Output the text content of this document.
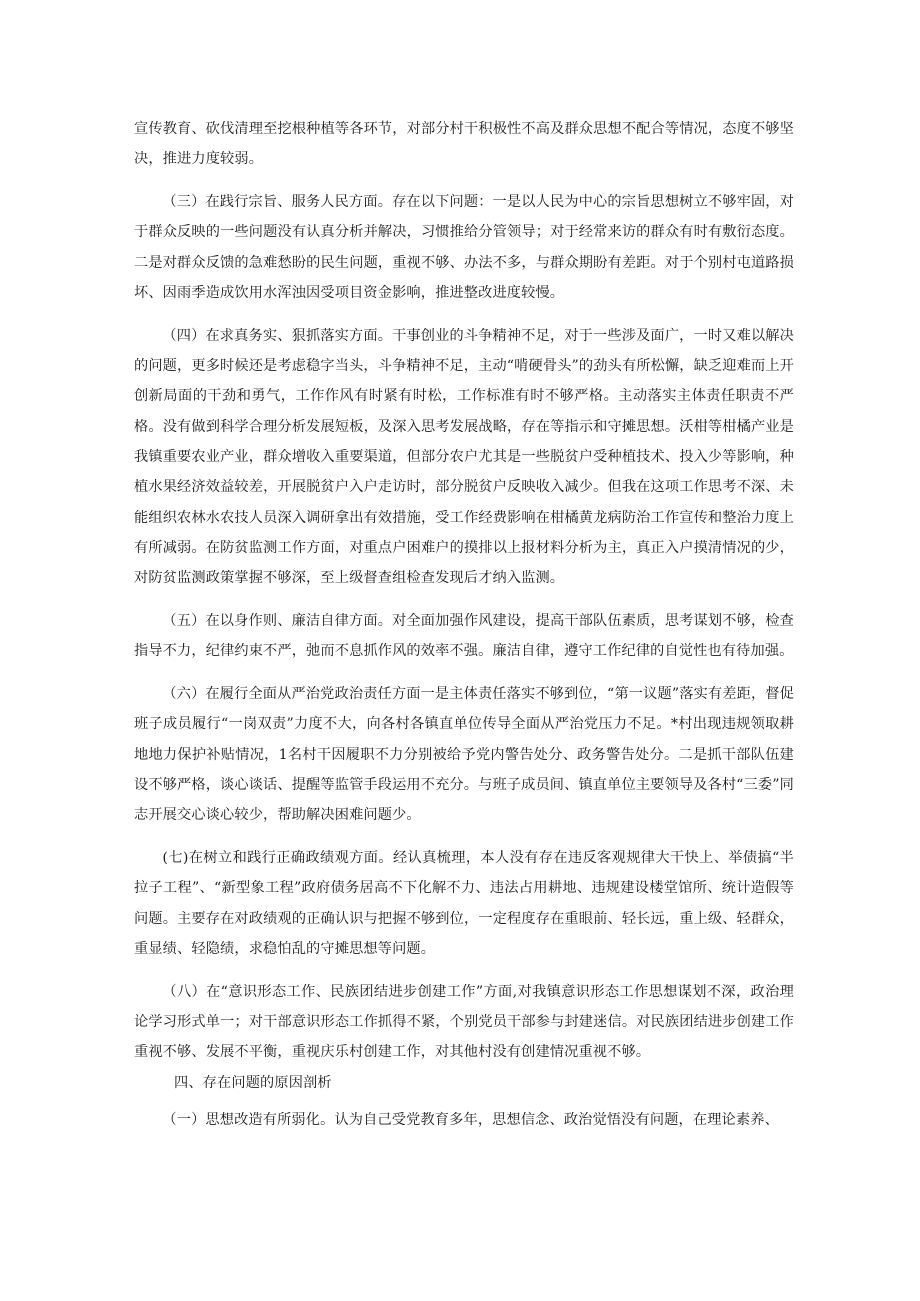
宣传教育、砍伐清理至挖根种植等各环节，对部分村干积极性不高及群众思想不配合等情况，态度不够坚决，推进力度较弱。

（三）在践行宗旨、服务人民方面。存在以下问题：一是以人民为中心的宗旨思想树立不够牢固，对于群众反映的一些问题没有认真分析并解决，习惯推给分管领导；对于经常来访的群众有时有敷衍态度。二是对群众反馈的急难愁盼的民生问题，重视不够、办法不多，与群众期盼有差距。对于个别村屯道路损坏、因雨季造成饮用水浑浊因受项目资金影响，推进整改进度较慢。

（四）在求真务实、狠抓落实方面。干事创业的斗争精神不足，对于一些涉及面广，一时又难以解决的问题，更多时候还是考虑稳字当头，斗争精神不足，主动“啃硬骨头”的劲头有所松懈，缺乏迎难而上开创新局面的干劲和勇气，工作作风有时紧有时松，工作标准有时不够严格。主动落实主体责任职责不严格。没有做到科学合理分析发展短板，及深入思考发展战略，存在等指示和守摊思想。沃柑等柑橘产业是我镇重要农业产业，群众增收入重要渠道，但部分农户尤其是一些脱贫户受种植技术、投入少等影响，种植水果经济效益较差，开展脱贫户入户走访时，部分脱贫户反映收入减少。但我在这项工作思考不深、未能组织农林水农技人员深入调研拿出有效措施，受工作经费影响在柑橘黄龙病防治工作宣传和整治力度上有所减弱。在防贫监测工作方面，对重点户困难户的摸排以上报材料分析为主，真正入户摸清情况的少，对防贫监测政策掌握不够深，至上级督查组检查发现后才纳入监测。

（五）在以身作则、廉洁自律方面。对全面加强作风建设，提高干部队伍素质，思考谋划不够，检查指导不力，纪律约束不严，弛而不息抓作风的效率不强。廉洁自律，遵守工作纪律的自觉性也有待加强。

（六）在履行全面从严治党政治责任方面一是主体责任落实不够到位，“第一议题”落实有差距，督促班子成员履行“一岗双责”力度不大，向各村各镇直单位传导全面从严治党压力不足。*村出现违规领取耕地地力保护补贴情况，1名村干因履职不力分别被给予党内警告处分、政务警告处分。二是抓干部队伍建设不够严格，谈心谈话、提醒等监管手段运用不充分。与班子成员间、镇直单位主要领导及各村“三委”同志开展交心谈心较少，帮助解决困难问题少。

(七)在树立和践行正确政绩观方面。经认真梳理，本人没有存在违反客观规律大干快上、举债搞“半拉子工程”、“新型象工程”政府债务居高不下化解不力、违法占用耕地、违规建设楼堂馆所、统计造假等问题。主要存在对政绩观的正确认识与把握不够到位，一定程度存在重眼前、轻长远，重上级、轻群众，重显绩、轻隐绩，求稳怕乱的守摊思想等问题。

（八）在“意识形态工作、民族团结进步创建工作”方面,对我镇意识形态工作思想谋划不深，政治理论学习形式单一；对干部意识形态工作抓得不紧，个别党员干部参与封建迷信。对民族团结进步创建工作重视不够、发展不平衡，重视庆乐村创建工作，对其他村没有创建情况重视不够。

四、存在问题的原因剖析

（一）思想改造有所弱化。认为自己受党教育多年，思想信念、政治觉悟没有问题，在理论素养、
